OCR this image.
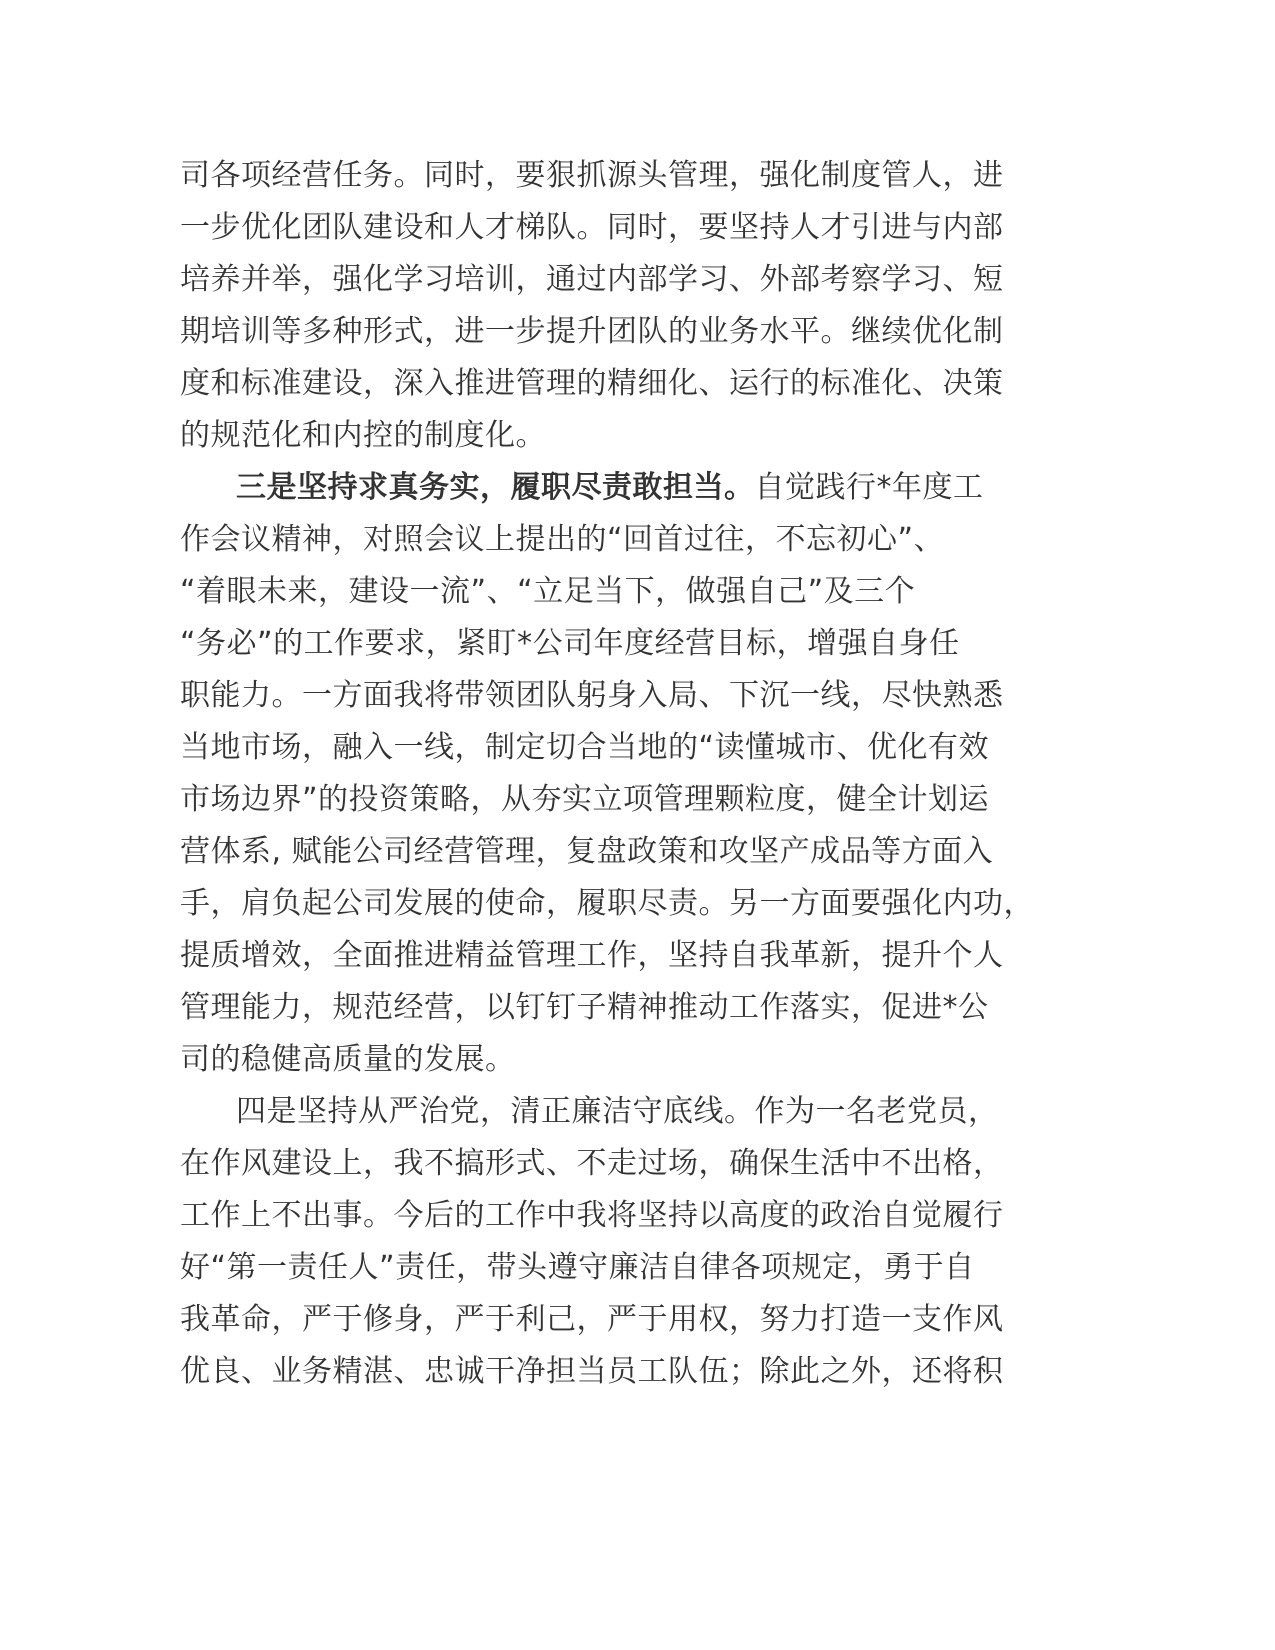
司各项经营任务。同时，要狠抓源头管理，强化制度管人，进
一步优化团队建设和人才梯队。同时，要坚持人才引进与内部
培养并举，强化学习培训，通过内部学习、外部考察学习、短
期培训等多种形式，进一步提升团队的业务水平。继续优化制
度和标准建设，深入推进管理的精细化、运行的标准化、决策
的规范化和内控的制度化。
三是坚持求真务实，履职尽责敢担当。自觉践行*年度工
作会议精神，对照会议上提出的“回首过往，不忘初心”、
“着眼未来，建设一流”、“立足当下，做强自己”及三个
“务必”的工作要求，紧盯*公司年度经营目标，增强自身任
职能力。一方面我将带领团队躬身入局、下沉一线，尽快熟悉
当地市场，融入一线，制定切合当地的“读懂城市、优化有效
市场边界”的投资策略，从夯实立项管理颗粒度，健全计划运
营体系, 赋能公司经营管理，复盘政策和攻坚产成品等方面入
手，肩负起公司发展的使命，履职尽责。另一方面要强化内功，
提质增效，全面推进精益管理工作，坚持自我革新，提升个人
管理能力，规范经营，以钉钉子精神推动工作落实，促进*公
司的稳健高质量的发展。
四是坚持从严治党，清正廉洁守底线。作为一名老党员，
在作风建设上，我不搞形式、不走过场，确保生活中不出格，
工作上不出事。今后的工作中我将坚持以高度的政治自觉履行
好“第一责任人”责任，带头遵守廉洁自律各项规定，勇于自
我革命，严于修身，严于利己，严于用权，努力打造一支作风
优良、业务精湛、忠诚干净担当员工队伍；除此之外，还将积
